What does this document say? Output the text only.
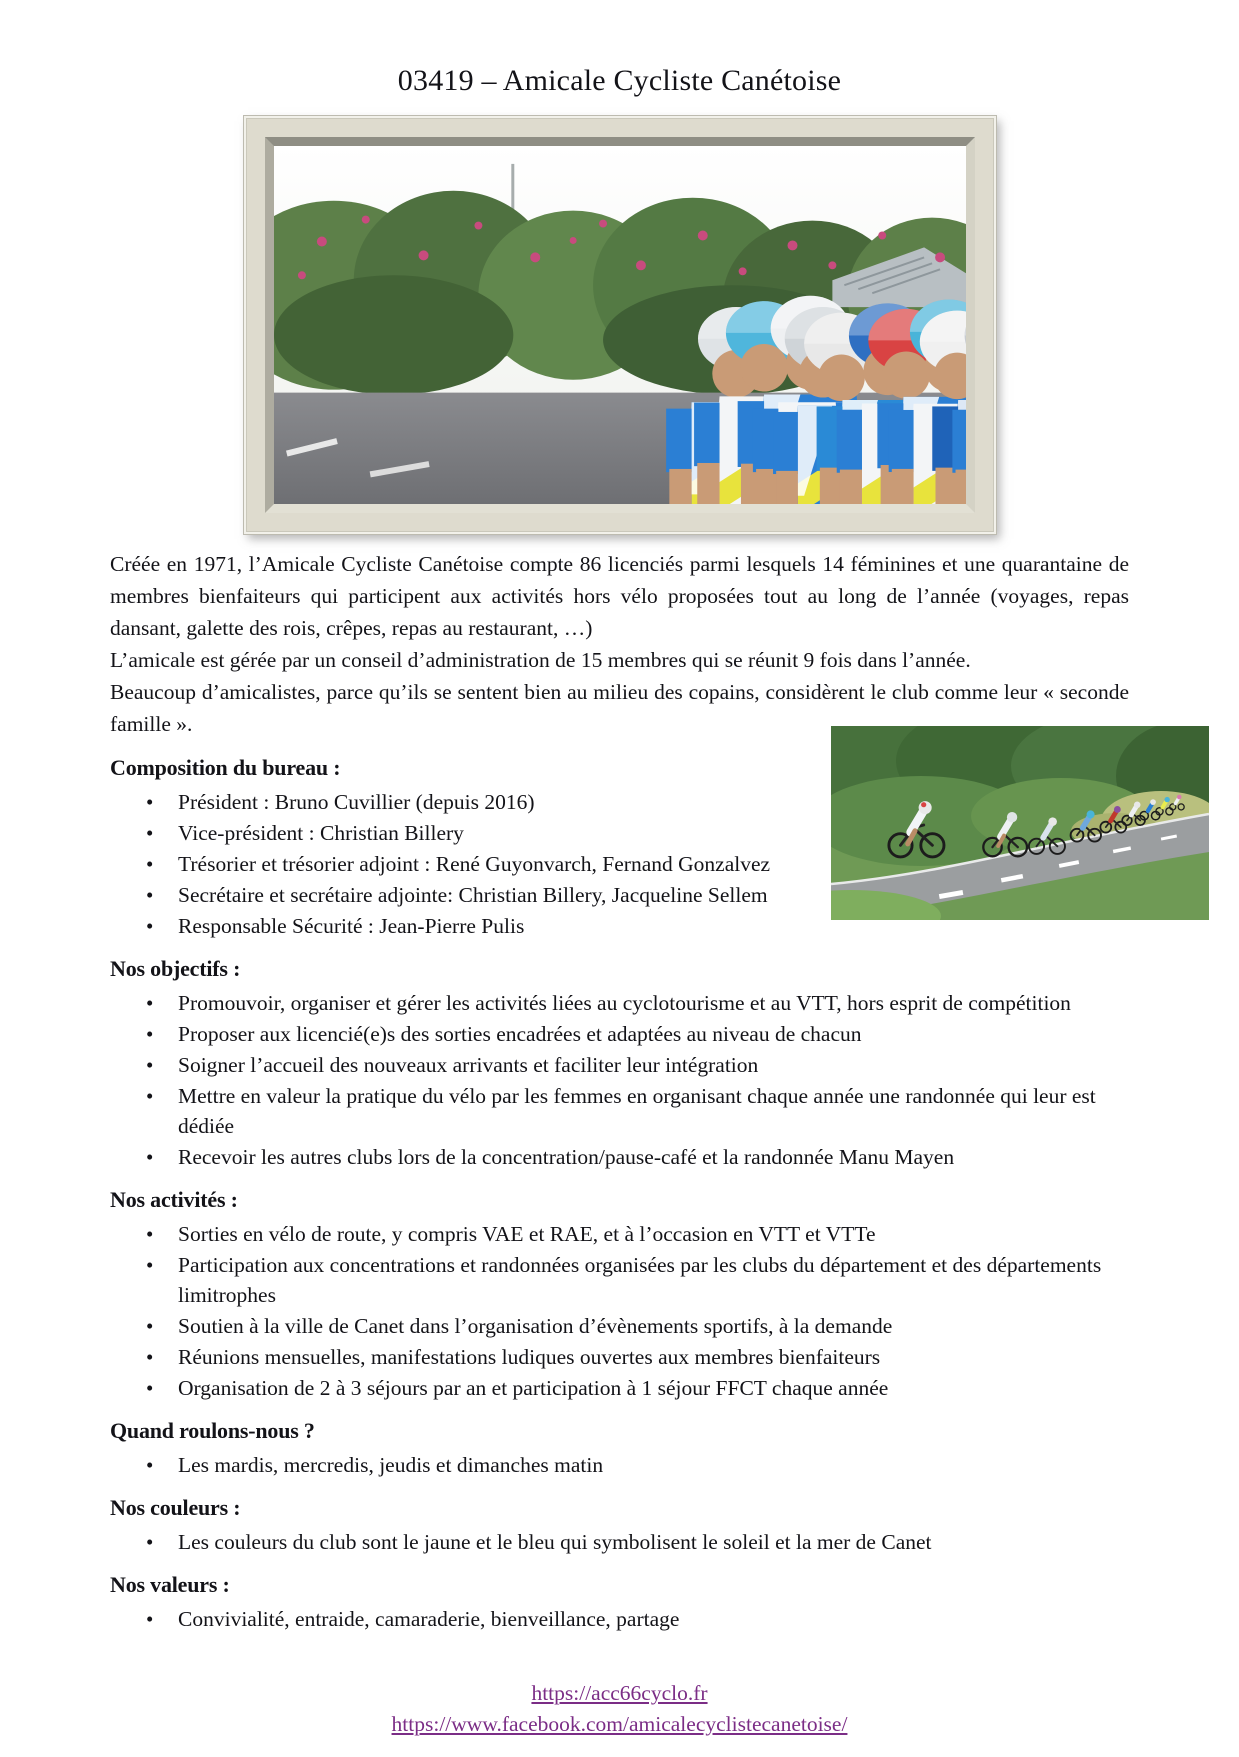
03419 – Amicale Cycliste Canétoise

Créée en 1971, l’Amicale Cycliste Canétoise compte 86 licenciés parmi lesquels 14 féminines et une quarantaine de membres bienfaiteurs qui participent aux activités hors vélo proposées tout au long de l’année (voyages, repas dansant, galette des rois, crêpes, repas au restaurant, …)

L’amicale est gérée par un conseil d’administration de 15 membres qui se réunit 9 fois dans l’année.

Beaucoup d’amicalistes, parce qu’ils se sentent bien au milieu des copains, considèrent le club comme leur « seconde famille ».

Composition du bureau :
• Président : Bruno Cuvillier (depuis 2016)
• Vice-président : Christian Billery
• Trésorier et trésorier adjoint : René Guyonvarch, Fernand Gonzalvez
• Secrétaire et secrétaire adjointe: Christian Billery, Jacqueline Sellem
• Responsable Sécurité : Jean-Pierre Pulis
Nos objectifs :
• Promouvoir, organiser et gérer les activités liées au cyclotourisme et au VTT, hors esprit de compétition
• Proposer aux licencié(e)s des sorties encadrées et adaptées au niveau de chacun
• Soigner l’accueil des nouveaux arrivants et faciliter leur intégration
• Mettre en valeur la pratique du vélo par les femmes en organisant chaque année une randonnée qui leur est dédiée
• Recevoir les autres clubs lors de la concentration/pause-café et la randonnée Manu Mayen
Nos activités :
• Sorties en vélo de route, y compris VAE et RAE, et à l’occasion en VTT et VTTe
• Participation aux concentrations et randonnées organisées par les clubs du département et des départements limitrophes
• Soutien à la ville de Canet dans l’organisation d’évènements sportifs, à la demande
• Réunions mensuelles, manifestations ludiques ouvertes aux membres bienfaiteurs
• Organisation de 2 à 3 séjours par an et participation à 1 séjour FFCT chaque année
Quand roulons-nous ?
• Les mardis, mercredis, jeudis et dimanches matin
Nos couleurs :
• Les couleurs du club sont le jaune et le bleu qui symbolisent le soleil et la mer de Canet
Nos valeurs :
• Convivialité, entraide, camaraderie, bienveillance, partage
https://acc66cyclo.fr
https://www.facebook.com/amicalecyclistecanetoise/
